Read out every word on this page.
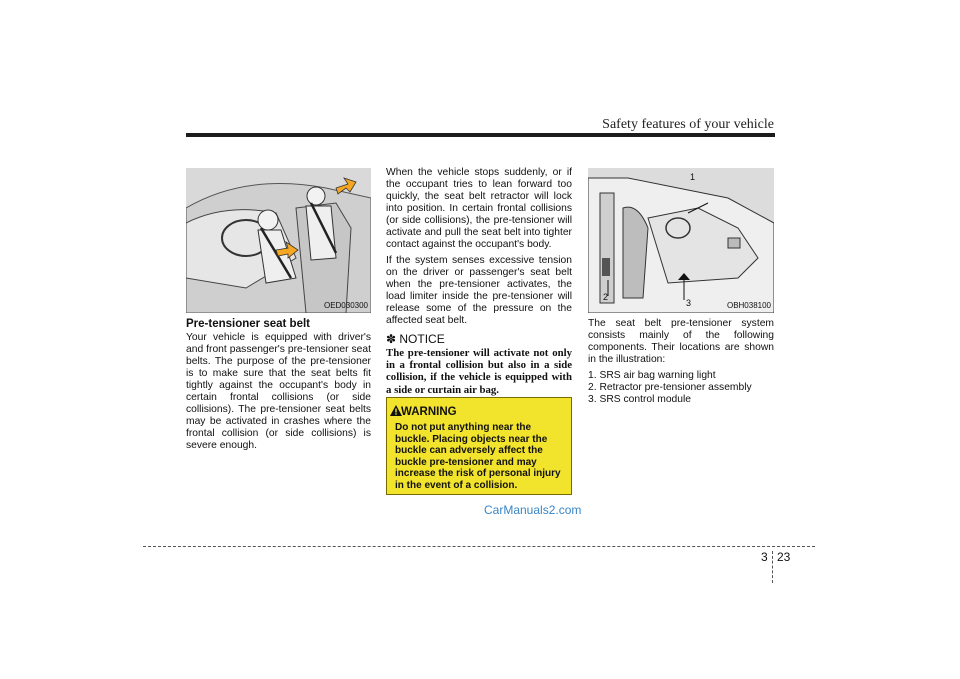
Safety features of your vehicle
OED030300
Pre-tensioner seat belt

Your vehicle is equipped with driver's and front passenger's pre-tensioner seat belts. The purpose of the pre-tensioner is to make sure that the seat belts fit tightly against the occupant's body in certain frontal collisions (or side collisions). The pre-tensioner seat belts may be activated in crashes where the frontal collision (or side collisions) is severe enough.

When the vehicle stops suddenly, or if the occupant tries to lean forward too quickly, the seat belt retractor will lock into position. In certain frontal collisions (or side collisions), the pre-tensioner will activate and pull the seat belt into tighter contact against the occupant's body.

If the system senses excessive tension on the driver or passenger's seat belt when the pre-tensioner activates, the load limiter inside the pre-tensioner will release some of the pressure on the affected seat belt.

✽ NOTICE
The pre-tensioner will activate not only in a frontal collision but also in a side collision, if the vehicle is equipped with a side or curtain air bag.
WARNING
Do not put anything near the buckle. Placing objects near the buckle can adversely affect the buckle pre-tensioner and may increase the risk of personal injury in the event of a collision.
1
2
3	OBH038100

The seat belt pre-tensioner system consists mainly of the following components. Their locations are shown in the illustration:

1. SRS air bag warning light
2. Retractor pre-tensioner assembly
3. SRS control module
CarManuals2.com
3 23
